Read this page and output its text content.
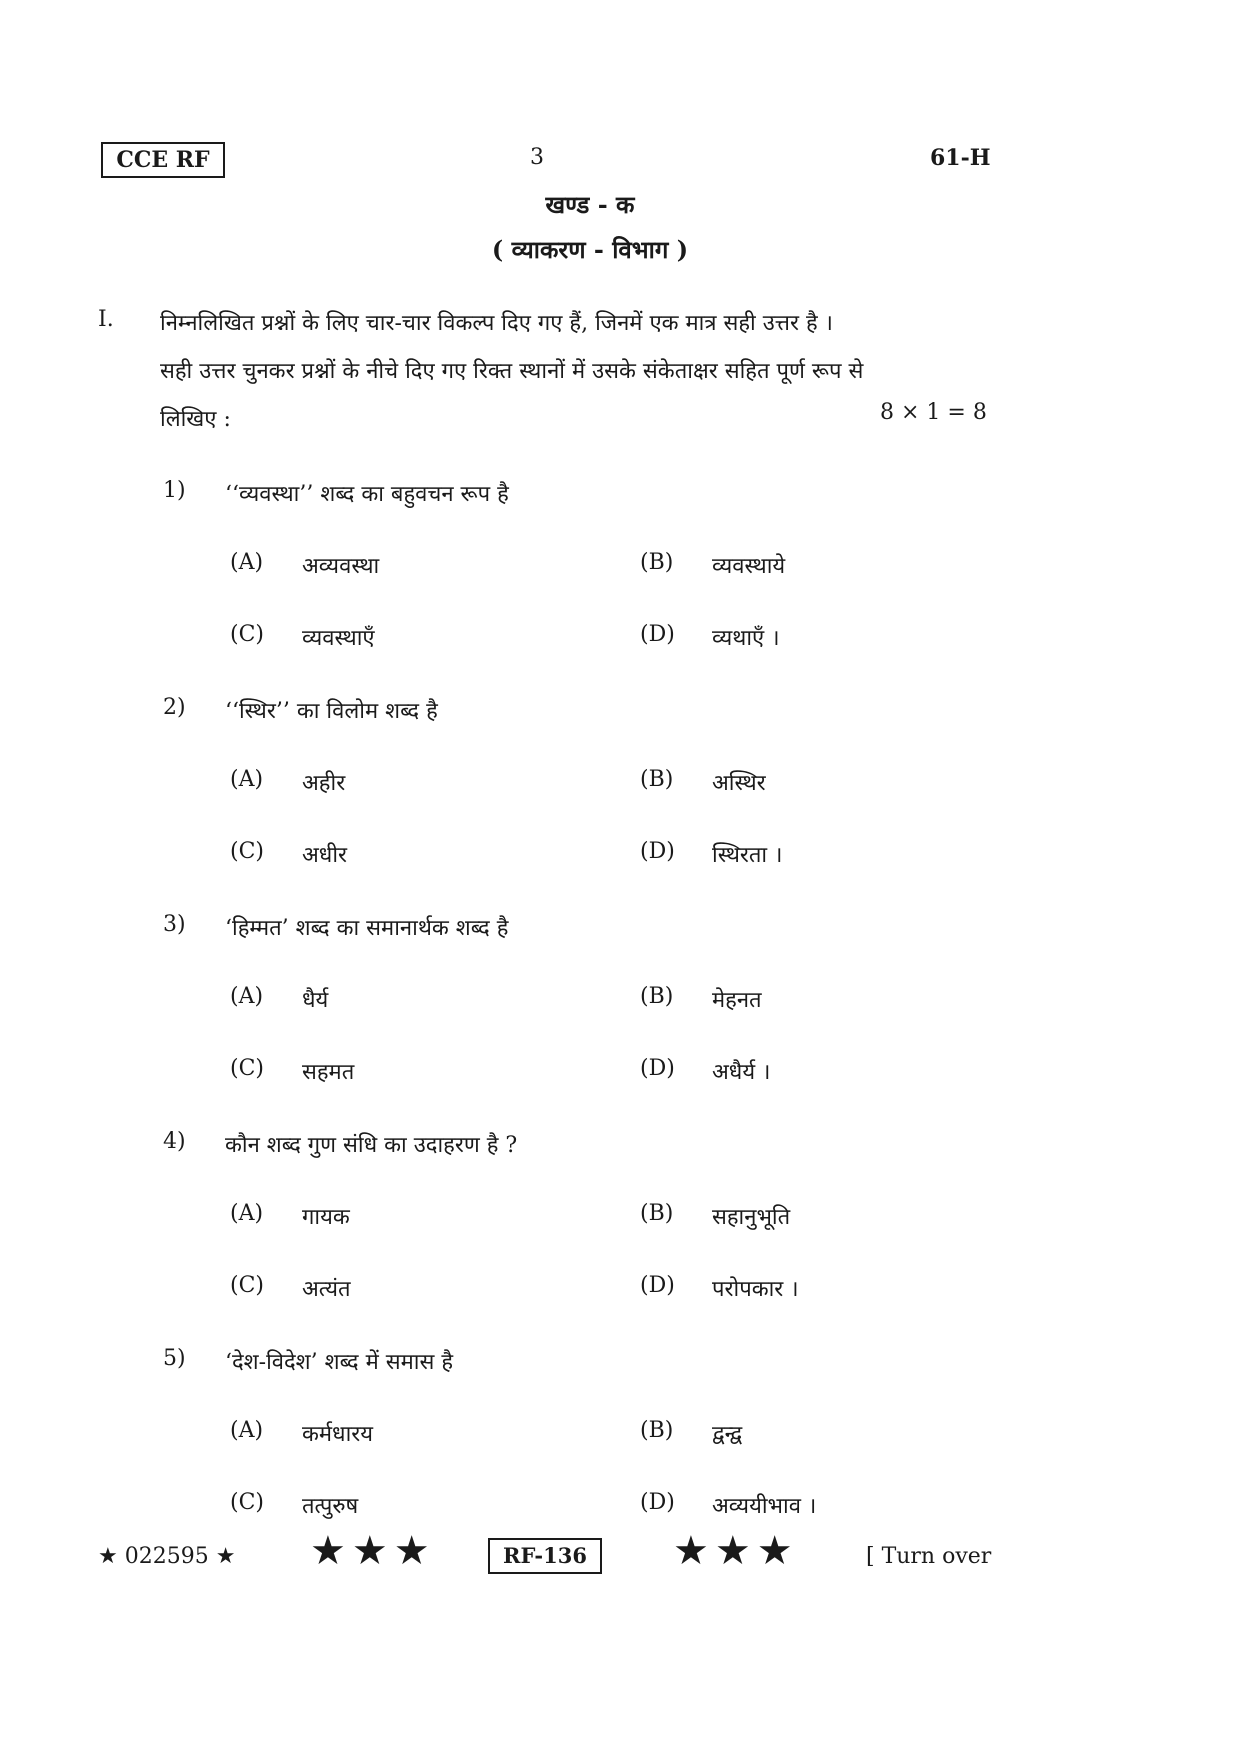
CCE RF	3	61-H
खण्ड - क
( व्याकरण - विभाग )
I. निम्नलिखित प्रश्नों के लिए चार-चार विकल्प दिए गए हैं, जिनमें एक मात्र सही उत्तर है ।
सही उत्तर चुनकर प्रश्नों के नीचे दिए गए रिक्त स्थानों में उसके संकेताक्षर सहित पूर्ण रूप से
लिखिए :	8 × 1 = 8
1) ‘‘व्यवस्था’’ शब्द का बहुवचन रूप है
(A) अव्यवस्था	(B) व्यवस्थाये
(C) व्यवस्थाएँ	(D) व्यथाएँ ।
2) ‘‘स्थिर’’ का विलोम शब्द है
(A) अहीर	(B) अस्थिर
(C) अधीर	(D) स्थिरता ।
3) ‘हिम्मत’ शब्द का समानार्थक शब्द है
(A) धैर्य	(B) मेहनत
(C) सहमत	(D) अधैर्य ।
4) कौन शब्द गुण संधि का उदाहरण है ?
(A) गायक	(B) सहानुभूति
(C) अत्यंत	(D) परोपकार ।
5) ‘देश-विदेश’ शब्द में समास है
(A) कर्मधारय	(B) द्वन्द्व
(C) तत्पुरुष	(D) अव्ययीभाव ।
★ 022595 ★ ★★★	RF-136	★★★	[ Turn over
